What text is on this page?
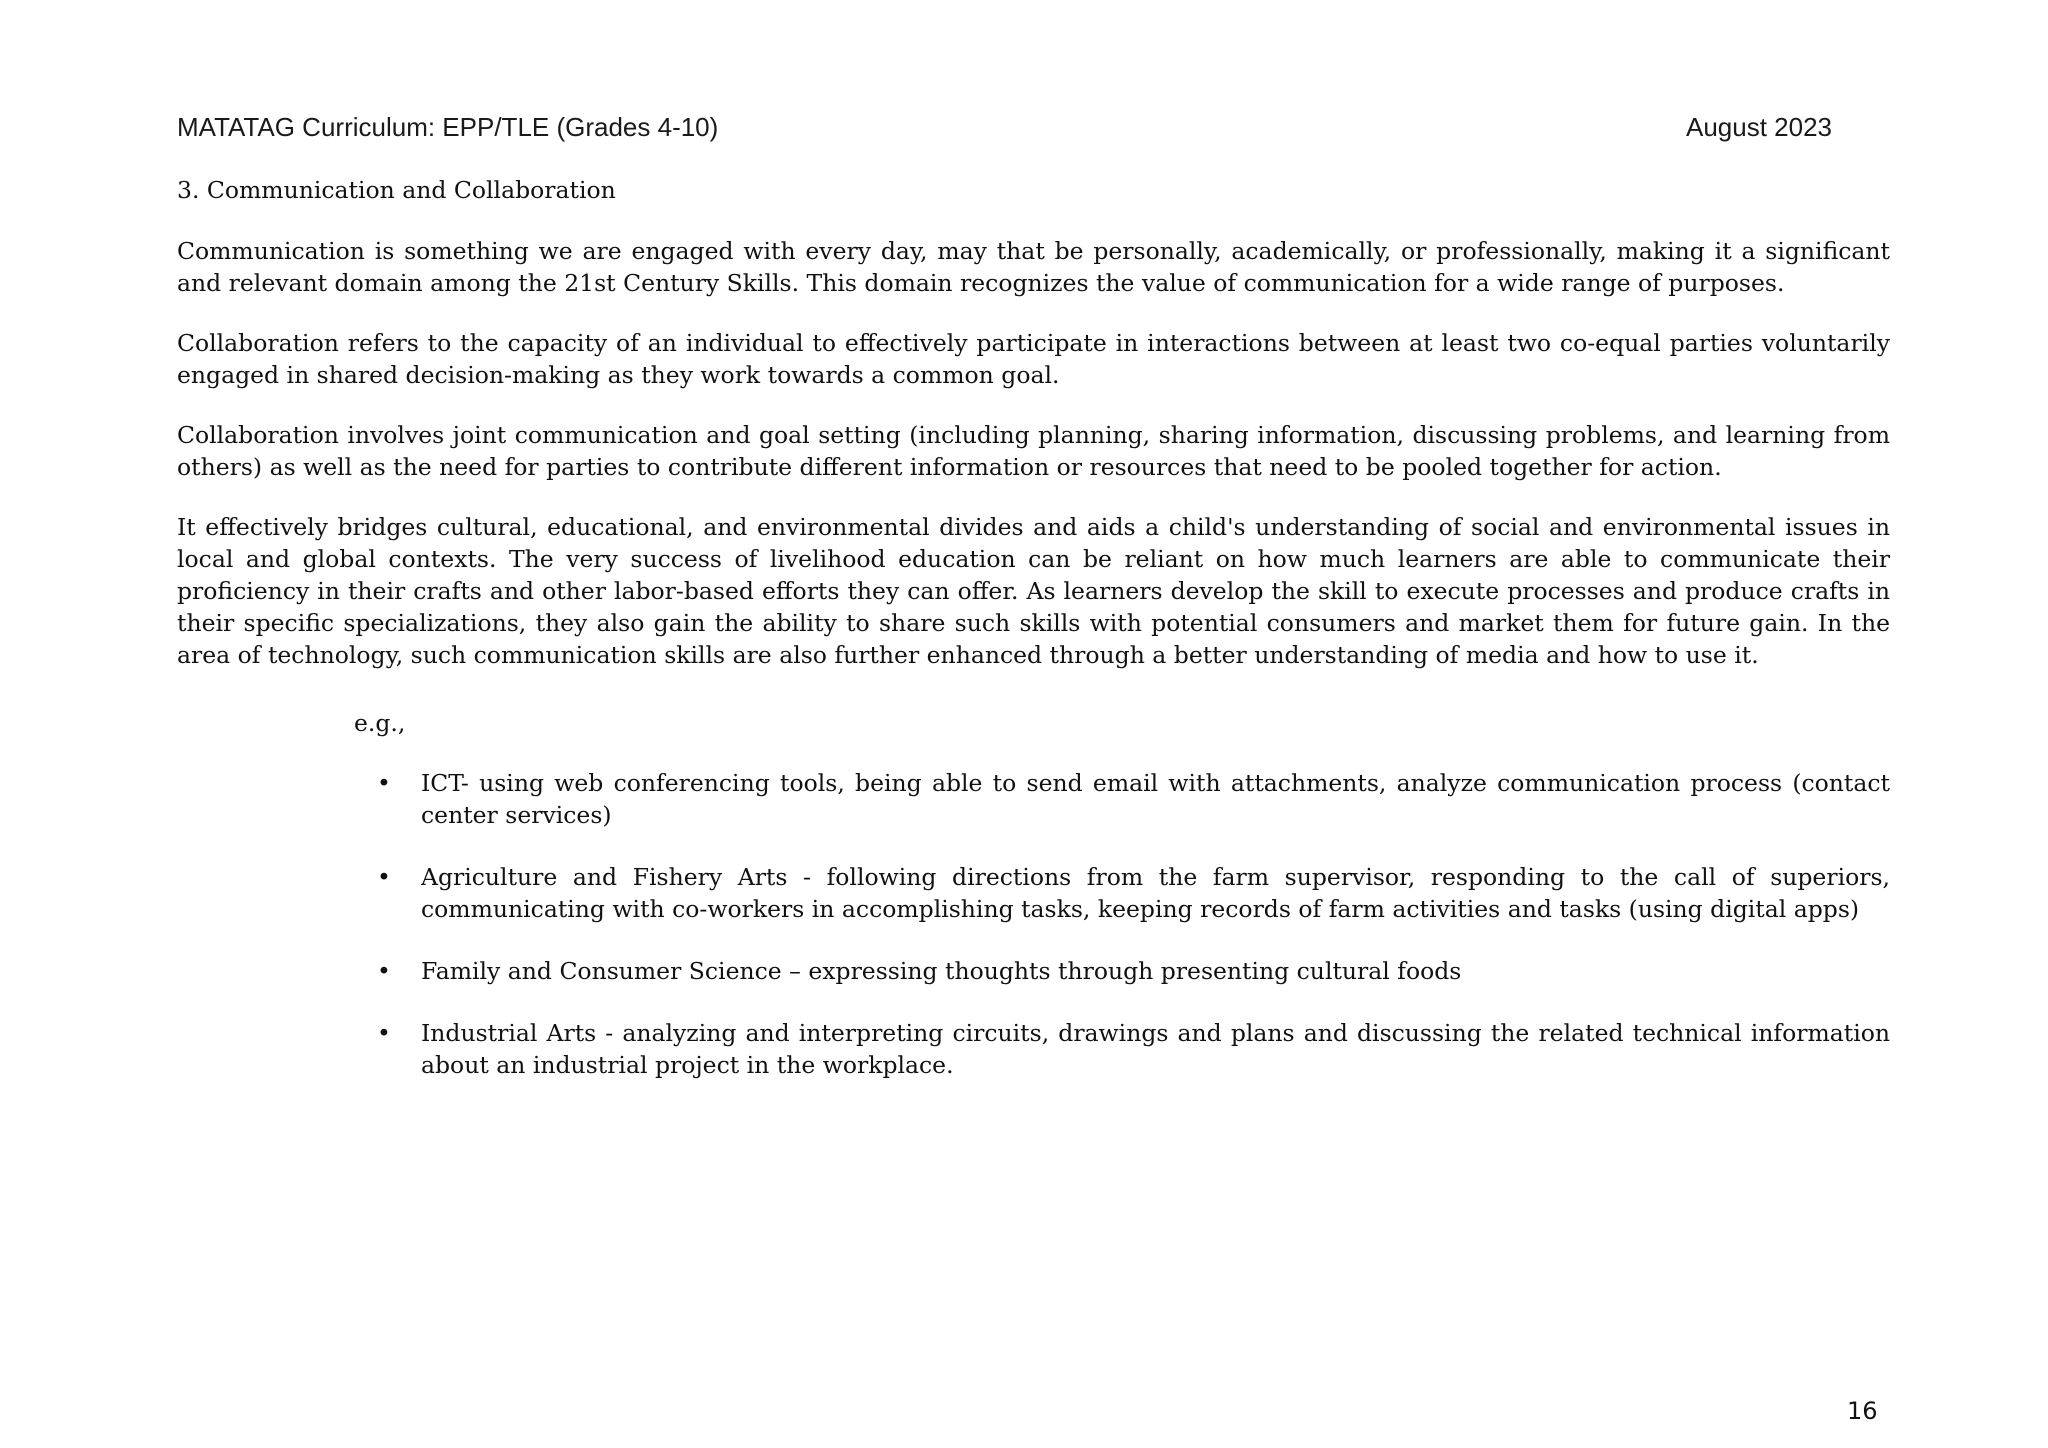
MATATAG Curriculum: EPP/TLE (Grades 4-10)	August 2023

3. Communication and Collaboration

Communication is something we are engaged with every day, may that be personally, academically, or professionally, making it a significant and relevant domain among the 21st Century Skills. This domain recognizes the value of communication for a wide range of purposes.

Collaboration refers to the capacity of an individual to effectively participate in interactions between at least two co-equal parties voluntarily engaged in shared decision-making as they work towards a common goal.

Collaboration involves joint communication and goal setting (including planning, sharing information, discussing problems, and learning from others) as well as the need for parties to contribute different information or resources that need to be pooled together for action.

It effectively bridges cultural, educational, and environmental divides and aids a child's understanding of social and environmental issues in local and global contexts. The very success of livelihood education can be reliant on how much learners are able to communicate their proficiency in their crafts and other labor-based efforts they can offer. As learners develop the skill to execute processes and produce crafts in their specific specializations, they also gain the ability to share such skills with potential consumers and market them for future gain. In the area of technology, such communication skills are also further enhanced through a better understanding of media and how to use it.

e.g.,

• ICT- using web conferencing tools, being able to send email with attachments, analyze communication process (contact center services)
• Agriculture and Fishery Arts - following directions from the farm supervisor, responding to the call of superiors, communicating with co-workers in accomplishing tasks, keeping records of farm activities and tasks (using digital apps)
• Family and Consumer Science – expressing thoughts through presenting cultural foods
• Industrial Arts - analyzing and interpreting circuits, drawings and plans and discussing the related technical information about an industrial project in the workplace.
16
